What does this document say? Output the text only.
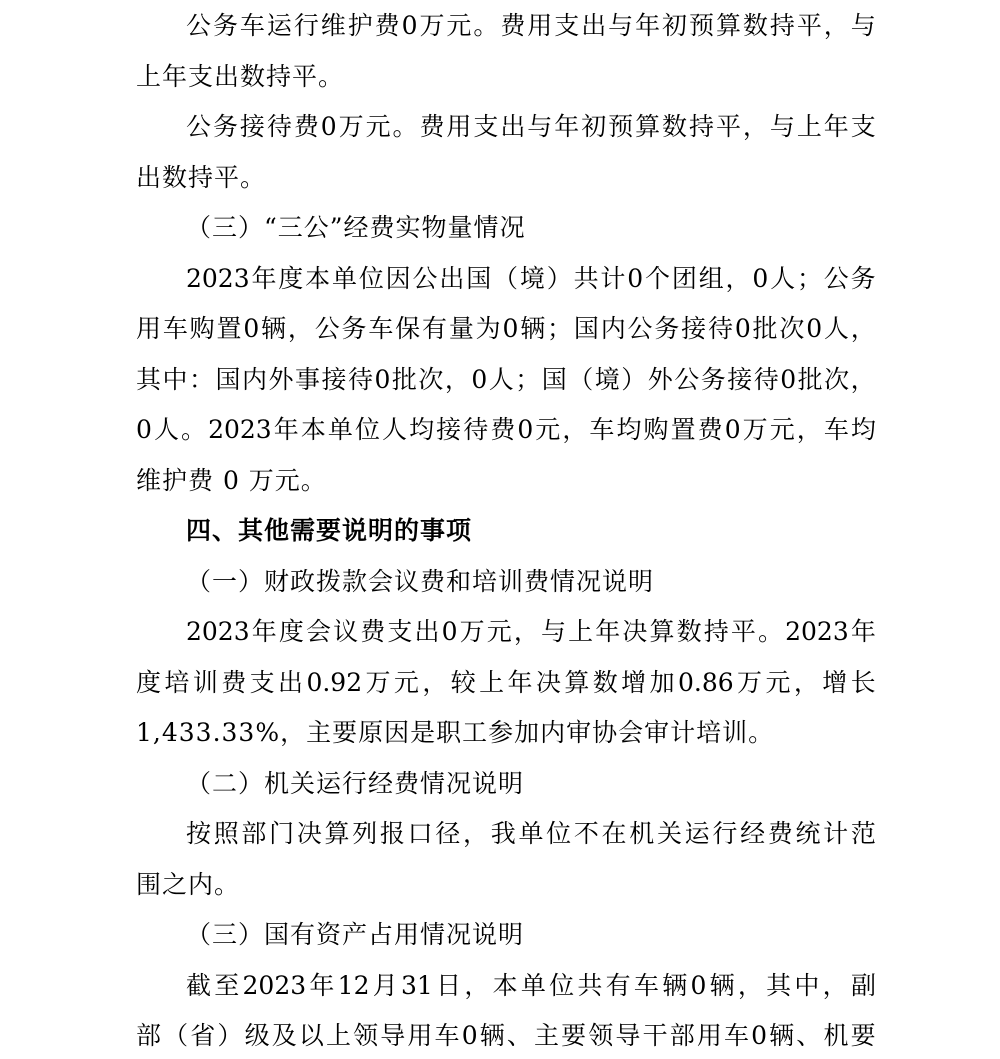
公 务 车 运 行 维 护 费 0 万 元 。 费 用 支 出 与 年 初 预 算 数 持 平 ， 与
上年支出数持平。
公 务 接 待 费 0 万 元 。 费 用 支 出 与 年 初 预 算 数 持 平 ， 与 上 年 支
出数持平。
（三）“三公”经费实物量情况
2023 年 度 本 单 位 因 公 出 国 （ 境 ） 共 计 0 个 团 组 ， 0 人 ； 公 务
用 车 购 置 0 辆 ， 公 务 车 保 有 量 为 0 辆 ； 国 内 公 务 接 待 0 批 次 0 人 ，
其 中 ： 国 内 外 事 接 待 0 批 次 ， 0 人 ； 国 （ 境 ） 外 公 务 接 待 0 批 次 ，
0 人 。 2023 年 本 单 位 人 均 接 待 费 0 元 ， 车 均 购 置 费 0 万 元 ， 车 均
维护费 0 万元。
四、其他需要说明的事项
（一）财政拨款会议费和培训费情况说明
2023 年 度 会 议 费 支 出 0 万 元 ， 与 上 年 决 算 数 持 平 。 2023 年
度 培 训 费 支 出 0.92 万 元 ， 较 上 年 决 算 数 增 加 0.86 万 元 ， 增 长
1,433.33%，主要原因是职工参加内审协会审计培训。
（二）机关运行经费情况说明
按 照 部 门 决 算 列 报 口 径 ， 我 单 位 不 在 机 关 运 行 经 费 统 计 范
围之内。
（三）国有资产占用情况说明
截 至 2023 年 12 月 31 日 ， 本 单 位 共 有 车 辆 0 辆 ， 其 中 ， 副
部 （ 省 ） 级 及 以 上 领 导 用 车 0 辆 、 主 要 领 导 干 部 用 车 0 辆 、 机 要
